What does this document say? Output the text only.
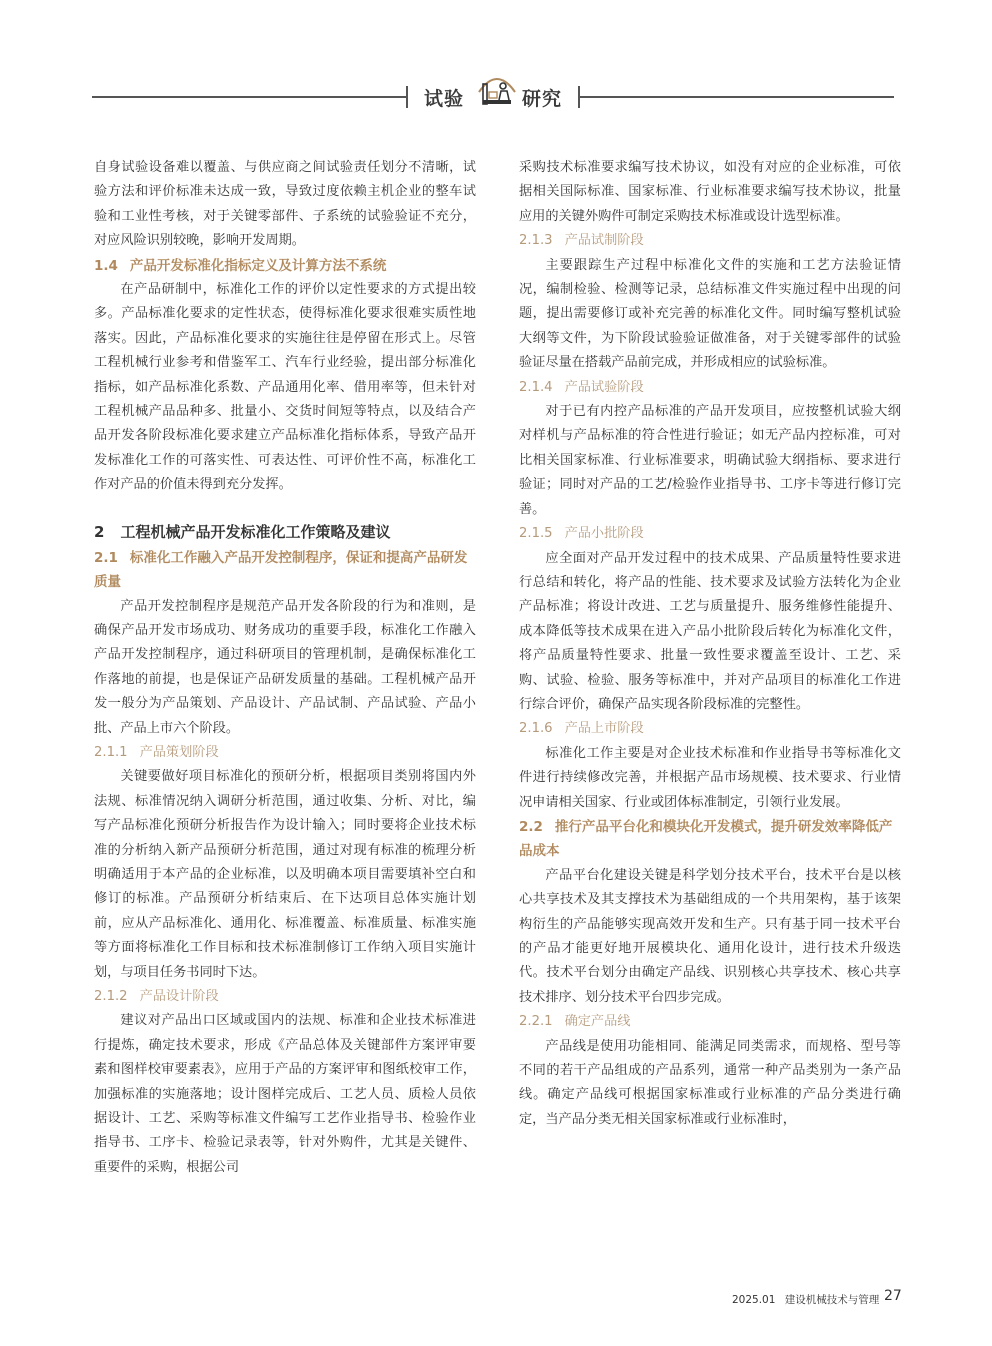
试验	研究

自身试验设备难以覆盖、与供应商之间试验责任划分不清晰，试验方法和评价标准未达成一致，导致过度依赖主机企业的整车试验和工业性考核，对于关键零部件、子系统的试验验证不充分，对应风险识别较晚，影响开发周期。

1.4 产品开发标准化指标定义及计算方法不系统

在产品研制中，标准化工作的评价以定性要求的方式提出较多。产品标准化要求的定性状态，使得标准化要求很难实质性地落实。因此，产品标准化要求的实施往往是停留在形式上。尽管工程机械行业参考和借鉴军工、汽车行业经验，提出部分标准化指标，如产品标准化系数、产品通用化率、借用率等，但未针对工程机械产品品种多、批量小、交货时间短等特点，以及结合产品开发各阶段标准化要求建立产品标准化指标体系，导致产品开发标准化工作的可落实性、可表达性、可评价性不高，标准化工作对产品的价值未得到充分发挥。

2 工程机械产品开发标准化工作策略及建议
2.1 标准化工作融入产品开发控制程序，保证和提高产品研发质量

产品开发控制程序是规范产品开发各阶段的行为和准则，是确保产品开发市场成功、财务成功的重要手段，标准化工作融入产品开发控制程序，通过科研项目的管理机制，是确保标准化工作落地的前提，也是保证产品研发质量的基础。工程机械产品开发一般分为产品策划、产品设计、产品试制、产品试验、产品小批、产品上市六个阶段。

2.1.1 产品策划阶段

关键要做好项目标准化的预研分析，根据项目类别将国内外法规、标准情况纳入调研分析范围，通过收集、分析、对比，编写产品标准化预研分析报告作为设计输入；同时要将企业技术标准的分析纳入新产品预研分析范围，通过对现有标准的梳理分析明确适用于本产品的企业标准，以及明确本项目需要填补空白和修订的标准。产品预研分析结束后、在下达项目总体实施计划前，应从产品标准化、通用化、标准覆盖、标准质量、标准实施等方面将标准化工作目标和技术标准制修订工作纳入项目实施计划，与项目任务书同时下达。

2.1.2 产品设计阶段

建议对产品出口区域或国内的法规、标准和企业技术标准进行提炼，确定技术要求，形成《产品总体及关键部件方案评审要素和图样校审要素表》，应用于产品的方案评审和图纸校审工作，加强标准的实施落地；设计图样完成后、工艺人员、质检人员依据设计、工艺、采购等标准文件编写工艺作业指导书、检验作业指导书、工序卡、检验记录表等，针对外购件，尤其是关键件、重要件的采购，根据公司

采购技术标准要求编写技术协议，如没有对应的企业标准，可依据相关国际标准、国家标准、行业标准要求编写技术协议，批量应用的关键外购件可制定采购技术标准或设计选型标准。

2.1.3 产品试制阶段

主要跟踪生产过程中标准化文件的实施和工艺方法验证情况，编制检验、检测等记录，总结标准文件实施过程中出现的问题，提出需要修订或补充完善的标准化文件。同时编写整机试验大纲等文件，为下阶段试验验证做准备，对于关键零部件的试验验证尽量在搭载产品前完成，并形成相应的试验标准。

2.1.4 产品试验阶段

对于已有内控产品标准的产品开发项目，应按整机试验大纲对样机与产品标准的符合性进行验证；如无产品内控标准，可对比相关国家标准、行业标准要求，明确试验大纲指标、要求进行验证；同时对产品的工艺/检验作业指导书、工序卡等进行修订完善。

2.1.5 产品小批阶段

应全面对产品开发过程中的技术成果、产品质量特性要求进行总结和转化，将产品的性能、技术要求及试验方法转化为企业产品标准；将设计改进、工艺与质量提升、服务维修性能提升、成本降低等技术成果在进入产品小批阶段后转化为标准化文件，将产品质量特性要求、批量一致性要求覆盖至设计、工艺、采购、试验、检验、服务等标准中，并对产品项目的标准化工作进行综合评价，确保产品实现各阶段标准的完整性。

2.1.6 产品上市阶段

标准化工作主要是对企业技术标准和作业指导书等标准化文件进行持续修改完善，并根据产品市场规模、技术要求、行业情况申请相关国家、行业或团体标准制定，引领行业发展。

2.2 推行产品平台化和模块化开发模式，提升研发效率降低产品成本

产品平台化建设关键是科学划分技术平台，技术平台是以核心共享技术及其支撑技术为基础组成的一个共用架构，基于该架构衍生的产品能够实现高效开发和生产。只有基于同一技术平台的产品才能更好地开展模块化、通用化设计，进行技术升级迭代。技术平台划分由确定产品线、识别核心共享技术、核心共享技术排序、划分技术平台四步完成。

2.2.1 确定产品线

产品线是使用功能相同、能满足同类需求，而规格、型号等不同的若干产品组成的产品系列，通常一种产品类别为一条产品线。确定产品线可根据国家标准或行业标准的产品分类进行确定，当产品分类无相关国家标准或行业标准时，

2025.01 建设机械技术与管理 27
